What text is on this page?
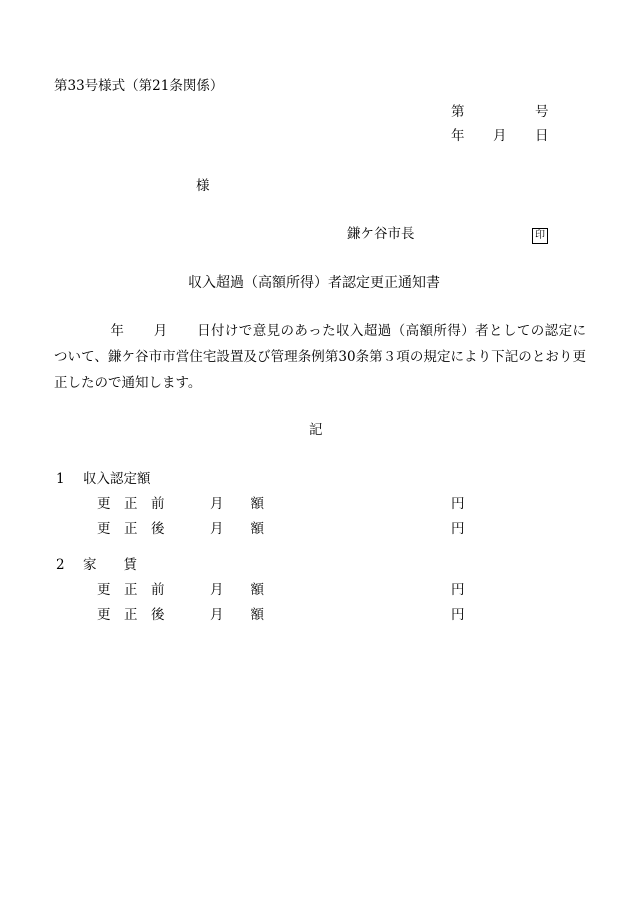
第33号様式（第21条関係）
第	号
年 月 日
様
鎌ケ谷市長	印
収入超過（高額所得）者認定更正通知書
年 月 日付けで意見のあった収入超過（高額所得）者としての認定について、鎌ケ谷市市営住宅設置及び管理条例第30条第３項の規定により下記のとおり更正したので通知します。
記
1 収入認定額
更　正　前	月　　額	円
更　正　後	月　　額	円
2 家　　賃
更　正　前	月　　額	円
更　正　後	月　　額	円
